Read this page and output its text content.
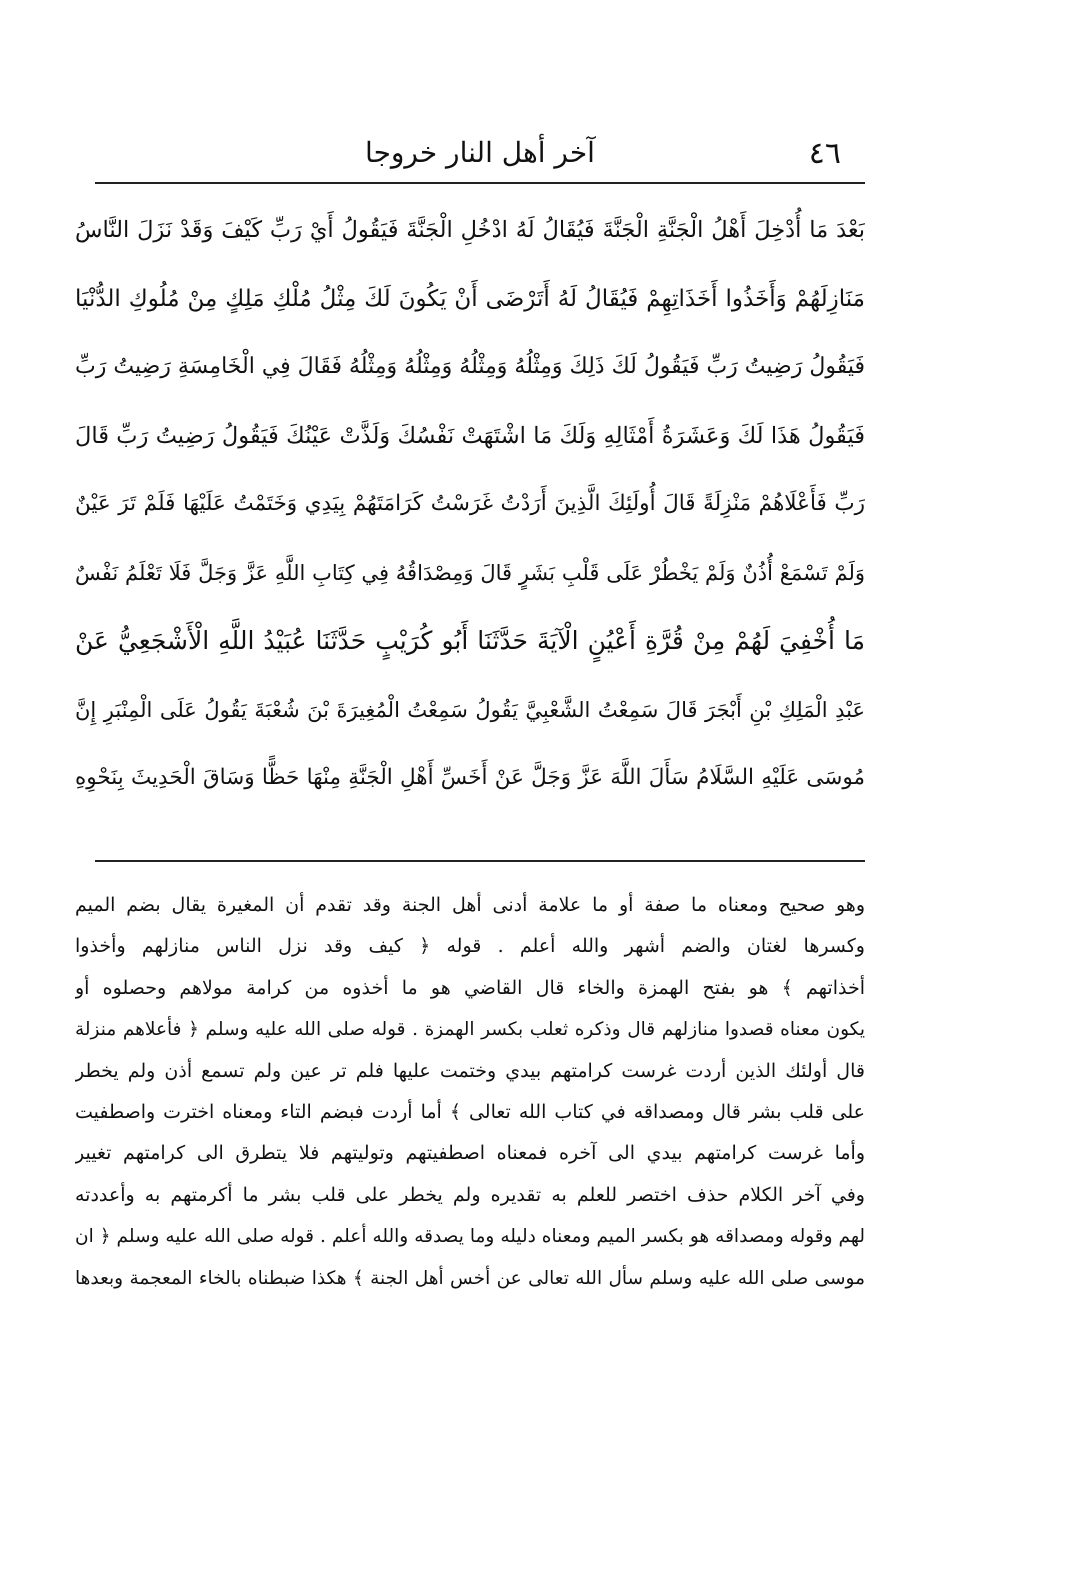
٤٦
آخر أهل النار خروجا
بَعْدَ مَا أُدْخِلَ أَهْلُ الْجَنَّةِ الْجَنَّةَ فَيُقَالُ لَهُ ادْخُلِ الْجَنَّةَ فَيَقُولُ أَيْ رَبِّ كَيْفَ وَقَدْ نَزَلَ النَّاسُ
مَنَازِلَهُمْ وَأَخَذُوا أَخَذَاتِهِمْ فَيُقَالُ لَهُ أَتَرْضَى أَنْ يَكُونَ لَكَ مِثْلُ مُلْكِ مَلِكٍ مِنْ مُلُوكِ الدُّنْيَا
فَيَقُولُ رَضِيتُ رَبِّ فَيَقُولُ لَكَ ذَلِكَ وَمِثْلُهُ وَمِثْلُهُ وَمِثْلُهُ وَمِثْلُهُ فَقَالَ فِي الْخَامِسَةِ رَضِيتُ رَبِّ
فَيَقُولُ هَذَا لَكَ وَعَشَرَةُ أَمْثَالِهِ وَلَكَ مَا اشْتَهَتْ نَفْسُكَ وَلَذَّتْ عَيْنُكَ فَيَقُولُ رَضِيتُ رَبِّ قَالَ
رَبِّ فَأَعْلَاهُمْ مَنْزِلَةً قَالَ أُولَئِكَ الَّذِينَ أَرَدْتُ غَرَسْتُ كَرَامَتَهُمْ بِيَدِي وَخَتَمْتُ عَلَيْهَا فَلَمْ تَرَ عَيْنٌ
وَلَمْ تَسْمَعْ أُذُنٌ وَلَمْ يَخْطُرْ عَلَى قَلْبِ بَشَرٍ قَالَ وَمِصْدَاقُهُ فِي كِتَابِ اللَّهِ عَزَّ وَجَلَّ فَلَا تَعْلَمُ نَفْسٌ
مَا أُخْفِيَ لَهُمْ مِنْ قُرَّةِ أَعْيُنٍ الْآيَةَ حَدَّثَنَا أَبُو كُرَيْبٍ حَدَّثَنَا عُبَيْدُ اللَّهِ الْأَشْجَعِيُّ عَنْ
عَبْدِ الْمَلِكِ بْنِ أَبْجَرَ قَالَ سَمِعْتُ الشَّعْبِيَّ يَقُولُ سَمِعْتُ الْمُغِيرَةَ بْنَ شُعْبَةَ يَقُولُ عَلَى الْمِنْبَرِ إِنَّ
مُوسَى عَلَيْهِ السَّلَامُ سَأَلَ اللَّهَ عَزَّ وَجَلَّ عَنْ أَخَسِّ أَهْلِ الْجَنَّةِ مِنْهَا حَظًّا وَسَاقَ الْحَدِيثَ بِنَحْوِهِ
وهو صحيح ومعناه ما صفة أو ما علامة أدنى أهل الجنة وقد تقدم أن المغيرة يقال بضم الميم
وكسرها لغتان والضم أشهر والله أعلم . قوله ﴿ كيف وقد نزل الناس منازلهم وأخذوا
أخذاتهم ﴾ هو بفتح الهمزة والخاء قال القاضي هو ما أخذوه من كرامة مولاهم وحصلوه أو
يكون معناه قصدوا منازلهم قال وذكره ثعلب بكسر الهمزة . قوله صلى الله عليه وسلم ﴿ فأعلاهم منزلة
قال أولئك الذين أردت غرست كرامتهم بيدي وختمت عليها فلم تر عين ولم تسمع أذن ولم يخطر
على قلب بشر قال ومصداقه في كتاب الله تعالى ﴾ أما أردت فبضم التاء ومعناه اخترت واصطفيت
وأما غرست كرامتهم بيدي الى آخره فمعناه اصطفيتهم وتوليتهم فلا يتطرق الى كرامتهم تغيير
وفي آخر الكلام حذف اختصر للعلم به تقديره ولم يخطر على قلب بشر ما أكرمتهم به وأعددته
لهم وقوله ومصداقه هو بكسر الميم ومعناه دليله وما يصدقه والله أعلم . قوله صلى الله عليه وسلم ﴿ ان
موسى صلى الله عليه وسلم سأل الله تعالى عن أخس أهل الجنة ﴾ هكذا ضبطناه بالخاء المعجمة وبعدها
